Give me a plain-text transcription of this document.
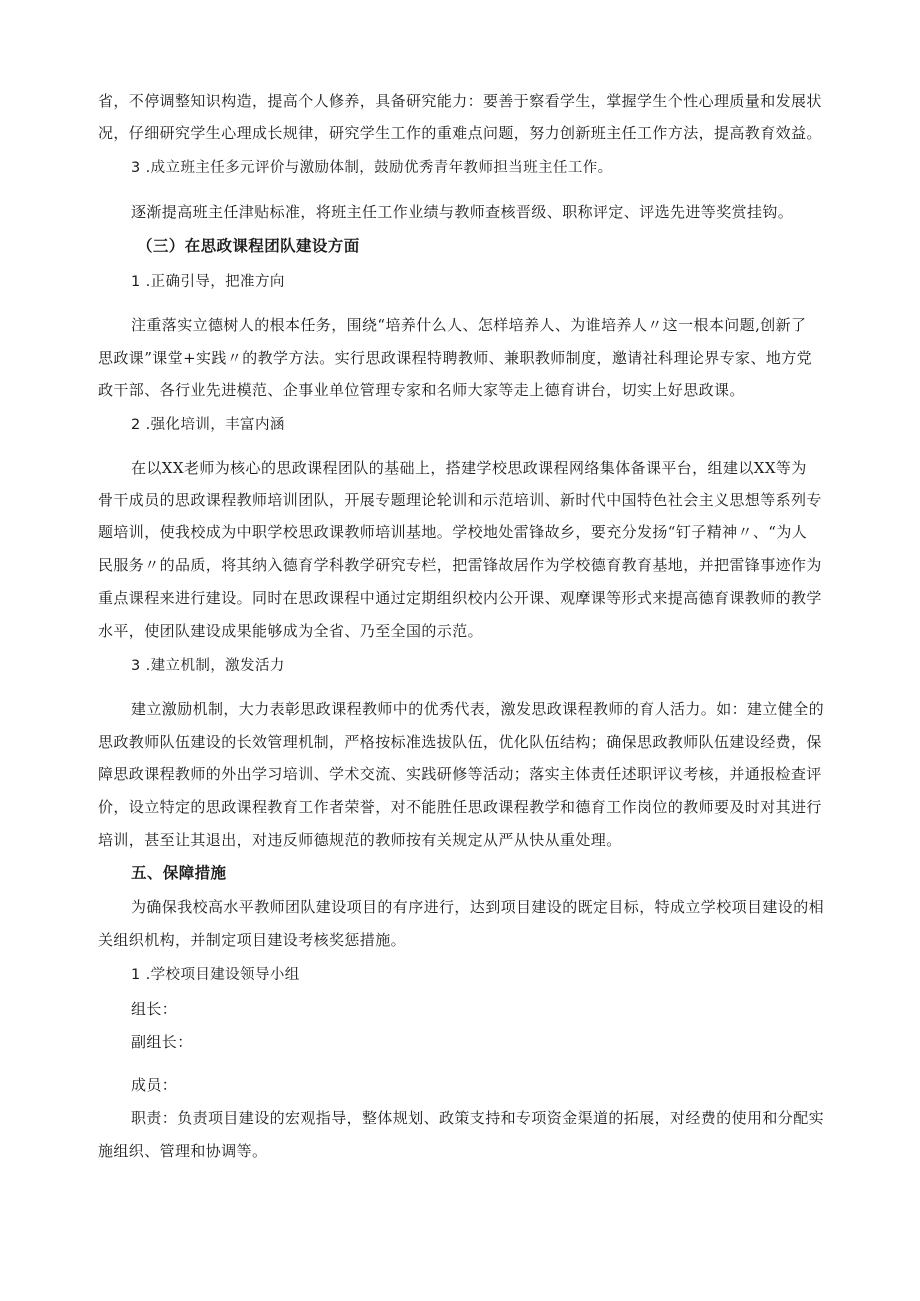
省，不停调整知识构造，提高个人修养，具备研究能力：要善于察看学生，掌握学生个性心理质量和发展状
况，仔细研究学生心理成长规律，研究学生工作的重难点问题，努力创新班主任工作方法，提高教育效益。
3 .成立班主任多元评价与激励体制，鼓励优秀青年教师担当班主任工作。
逐渐提高班主任津贴标准，将班主任工作业绩与教师查核晋级、职称评定、评选先进等奖赏挂钩。
（三）在思政课程团队建设方面
1 .正确引导，把准方向
注重落实立德树人的根本任务，围绕“培养什么人、怎样培养人、为谁培养人〃这一根本问题,创新了
思政课”课堂+实践〃的教学方法。实行思政课程特聘教师、兼职教师制度，邀请社科理论界专家、地方党
政干部、各行业先进模范、企事业单位管理专家和名师大家等走上德育讲台，切实上好思政课。
2 .强化培训，丰富内涵
在以XX老师为核心的思政课程团队的基础上，搭建学校思政课程网络集体备课平台，组建以XX等为
骨干成员的思政课程教师培训团队，开展专题理论轮训和示范培训、新时代中国特色社会主义思想等系列专
题培训，使我校成为中职学校思政课教师培训基地。学校地处雷锋故乡，要充分发扬“钉子精神〃、“为人
民服务〃的品质，将其纳入德育学科教学研究专栏，把雷锋故居作为学校德育教育基地，并把雷锋事迹作为
重点课程来进行建设。同时在思政课程中通过定期组织校内公开课、观摩课等形式来提高德育课教师的教学
水平，使团队建设成果能够成为全省、乃至全国的示范。
3 .建立机制，激发活力
建立激励机制，大力表彰思政课程教师中的优秀代表，激发思政课程教师的育人活力。如：建立健全的
思政教师队伍建设的长效管理机制，严格按标准选拔队伍，优化队伍结构；确保思政教师队伍建设经费，保
障思政课程教师的外出学习培训、学术交流、实践研修等活动；落实主体责任述职评议考核，并通报检查评
价，设立特定的思政课程教育工作者荣誉，对不能胜任思政课程教学和德育工作岗位的教师要及时对其进行
培训，甚至让其退出，对违反师德规范的教师按有关规定从严从快从重处理。
五、保障措施
为确保我校高水平教师团队建设项目的有序进行，达到项目建设的既定目标，特成立学校项目建设的相
关组织机构，并制定项目建设考核奖惩措施。
1 .学校项目建设领导小组
组长：
副组长：
成员：
职责：负责项目建设的宏观指导，整体规划、政策支持和专项资金渠道的拓展，对经费的使用和分配实
施组织、管理和协调等。
